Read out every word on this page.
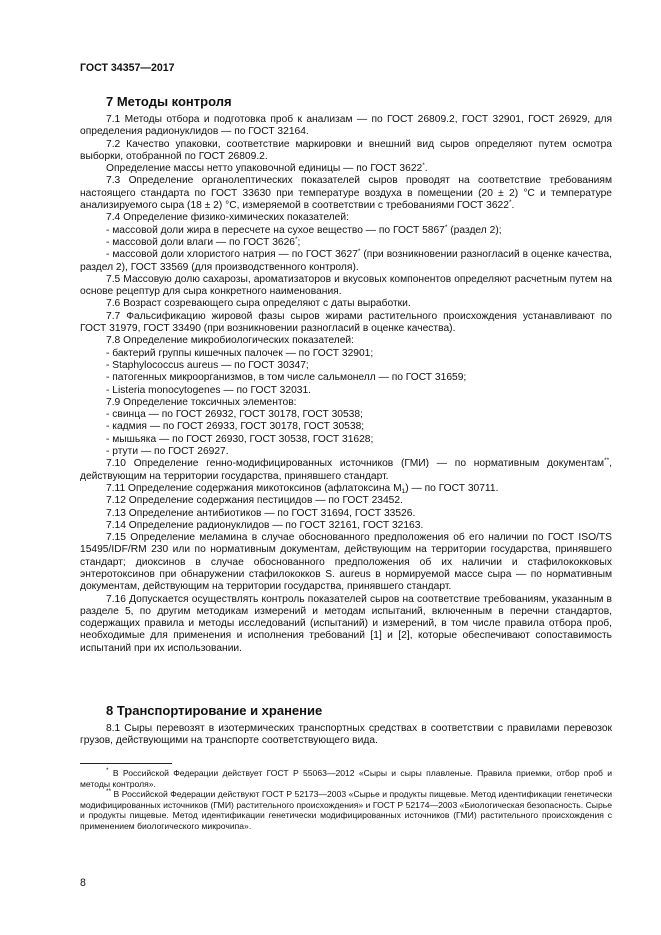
ГОСТ 34357—2017
7 Методы контроля

7.1 Методы отбора и подготовка проб к анализам — по ГОСТ 26809.2, ГОСТ 32901, ГОСТ 26929, для определения радионуклидов — по ГОСТ 32164.

7.2 Качество упаковки, соответствие маркировки и внешний вид сыров определяют путем осмотра выборки, отобранной по ГОСТ 26809.2.

Определение массы нетто упаковочной единицы — по ГОСТ 3622*.

7.3 Определение органолептических показателей сыров проводят на соответствие требованиям настоящего стандарта по ГОСТ 33630 при температуре воздуха в помещении (20 ± 2) °С и температуре анализируемого сыра (18 ± 2) °С, измеряемой в соответствии с требованиями ГОСТ 3622*.

7.4 Определение физико-химических показателей:

- массовой доли жира в пересчете на сухое вещество — по ГОСТ 5867* (раздел 2);

- массовой доли влаги — по ГОСТ 3626*;

- массовой доли хлористого натрия — по ГОСТ 3627* (при возникновении разногласий в оценке качества, раздел 2), ГОСТ 33569 (для производственного контроля).

7.5 Массовую долю сахарозы, ароматизаторов и вкусовых компонентов определяют расчетным путем на основе рецептур для сыра конкретного наименования.

7.6 Возраст созревающего сыра определяют с даты выработки.

7.7 Фальсификацию жировой фазы сыров жирами растительного происхождения устанавливают по ГОСТ 31979, ГОСТ 33490 (при возникновении разногласий в оценке качества).

7.8 Определение микробиологических показателей:

- бактерий группы кишечных палочек — по ГОСТ 32901;

- Staphylococcus aureus — по ГОСТ 30347;

- патогенных микроорганизмов, в том числе сальмонелл — по ГОСТ 31659;

- Listeria monocytogenes — по ГОСТ 32031.

7.9 Определение токсичных элементов:

- свинца — по ГОСТ 26932, ГОСТ 30178, ГОСТ 30538;

- кадмия — по ГОСТ 26933, ГОСТ 30178, ГОСТ 30538;

- мышьяка — по ГОСТ 26930, ГОСТ 30538, ГОСТ 31628;

- ртути — по ГОСТ 26927.

7.10 Определение генно-модифицированных источников (ГМИ) — по нормативным документам**, действующим на территории государства, принявшего стандарт.

7.11 Определение содержания микотоксинов (афлатоксина $М_1$) — по ГОСТ 30711.

7.12 Определение содержания пестицидов — по ГОСТ 23452.

7.13 Определение антибиотиков — по ГОСТ 31694, ГОСТ 33526.

7.14 Определение радионуклидов — по ГОСТ 32161, ГОСТ 32163.

7.15 Определение меламина в случае обоснованного предположения об его наличии по ГОСТ ISO/TS 15495/IDF/RM 230 или по нормативным документам, действующим на территории государства, принявшего стандарт; диоксинов в случае обоснованного предположения об их наличии и стафилококковых энтеротоксинов при обнаружении стафилококков S. aureus в нормируемой массе сыра — по нормативным документам, действующим на территории государства, принявшего стандарт.

7.16 Допускается осуществлять контроль показателей сыров на соответствие требованиям, указанным в разделе 5, по другим методикам измерений и методам испытаний, включенным в перечни стандартов, содержащих правила и методы исследований (испытаний) и измерений, в том числе правила отбора проб, необходимые для применения и исполнения требований [1] и [2], которые обеспечивают сопоставимость испытаний при их использовании.

8 Транспортирование и хранение

8.1 Сыры перевозят в изотермических транспортных средствах в соответствии с правилами перевозок грузов, действующими на транспорте соответствующего вида.

* В Российской Федерации действует ГОСТ Р 55063—2012 «Сыры и сыры плавленые. Правила приемки, отбор проб и методы контроля».

** В Российской Федерации действуют ГОСТ Р 52173—2003 «Сырье и продукты пищевые. Метод идентификации генетически модифицированных источников (ГМИ) растительного происхождения» и ГОСТ Р 52174—2003 «Биологическая безопасность. Сырье и продукты пищевые. Метод идентификации генетически модифицированных источников (ГМИ) растительного происхождения с применением биологического микрочипа».

8
